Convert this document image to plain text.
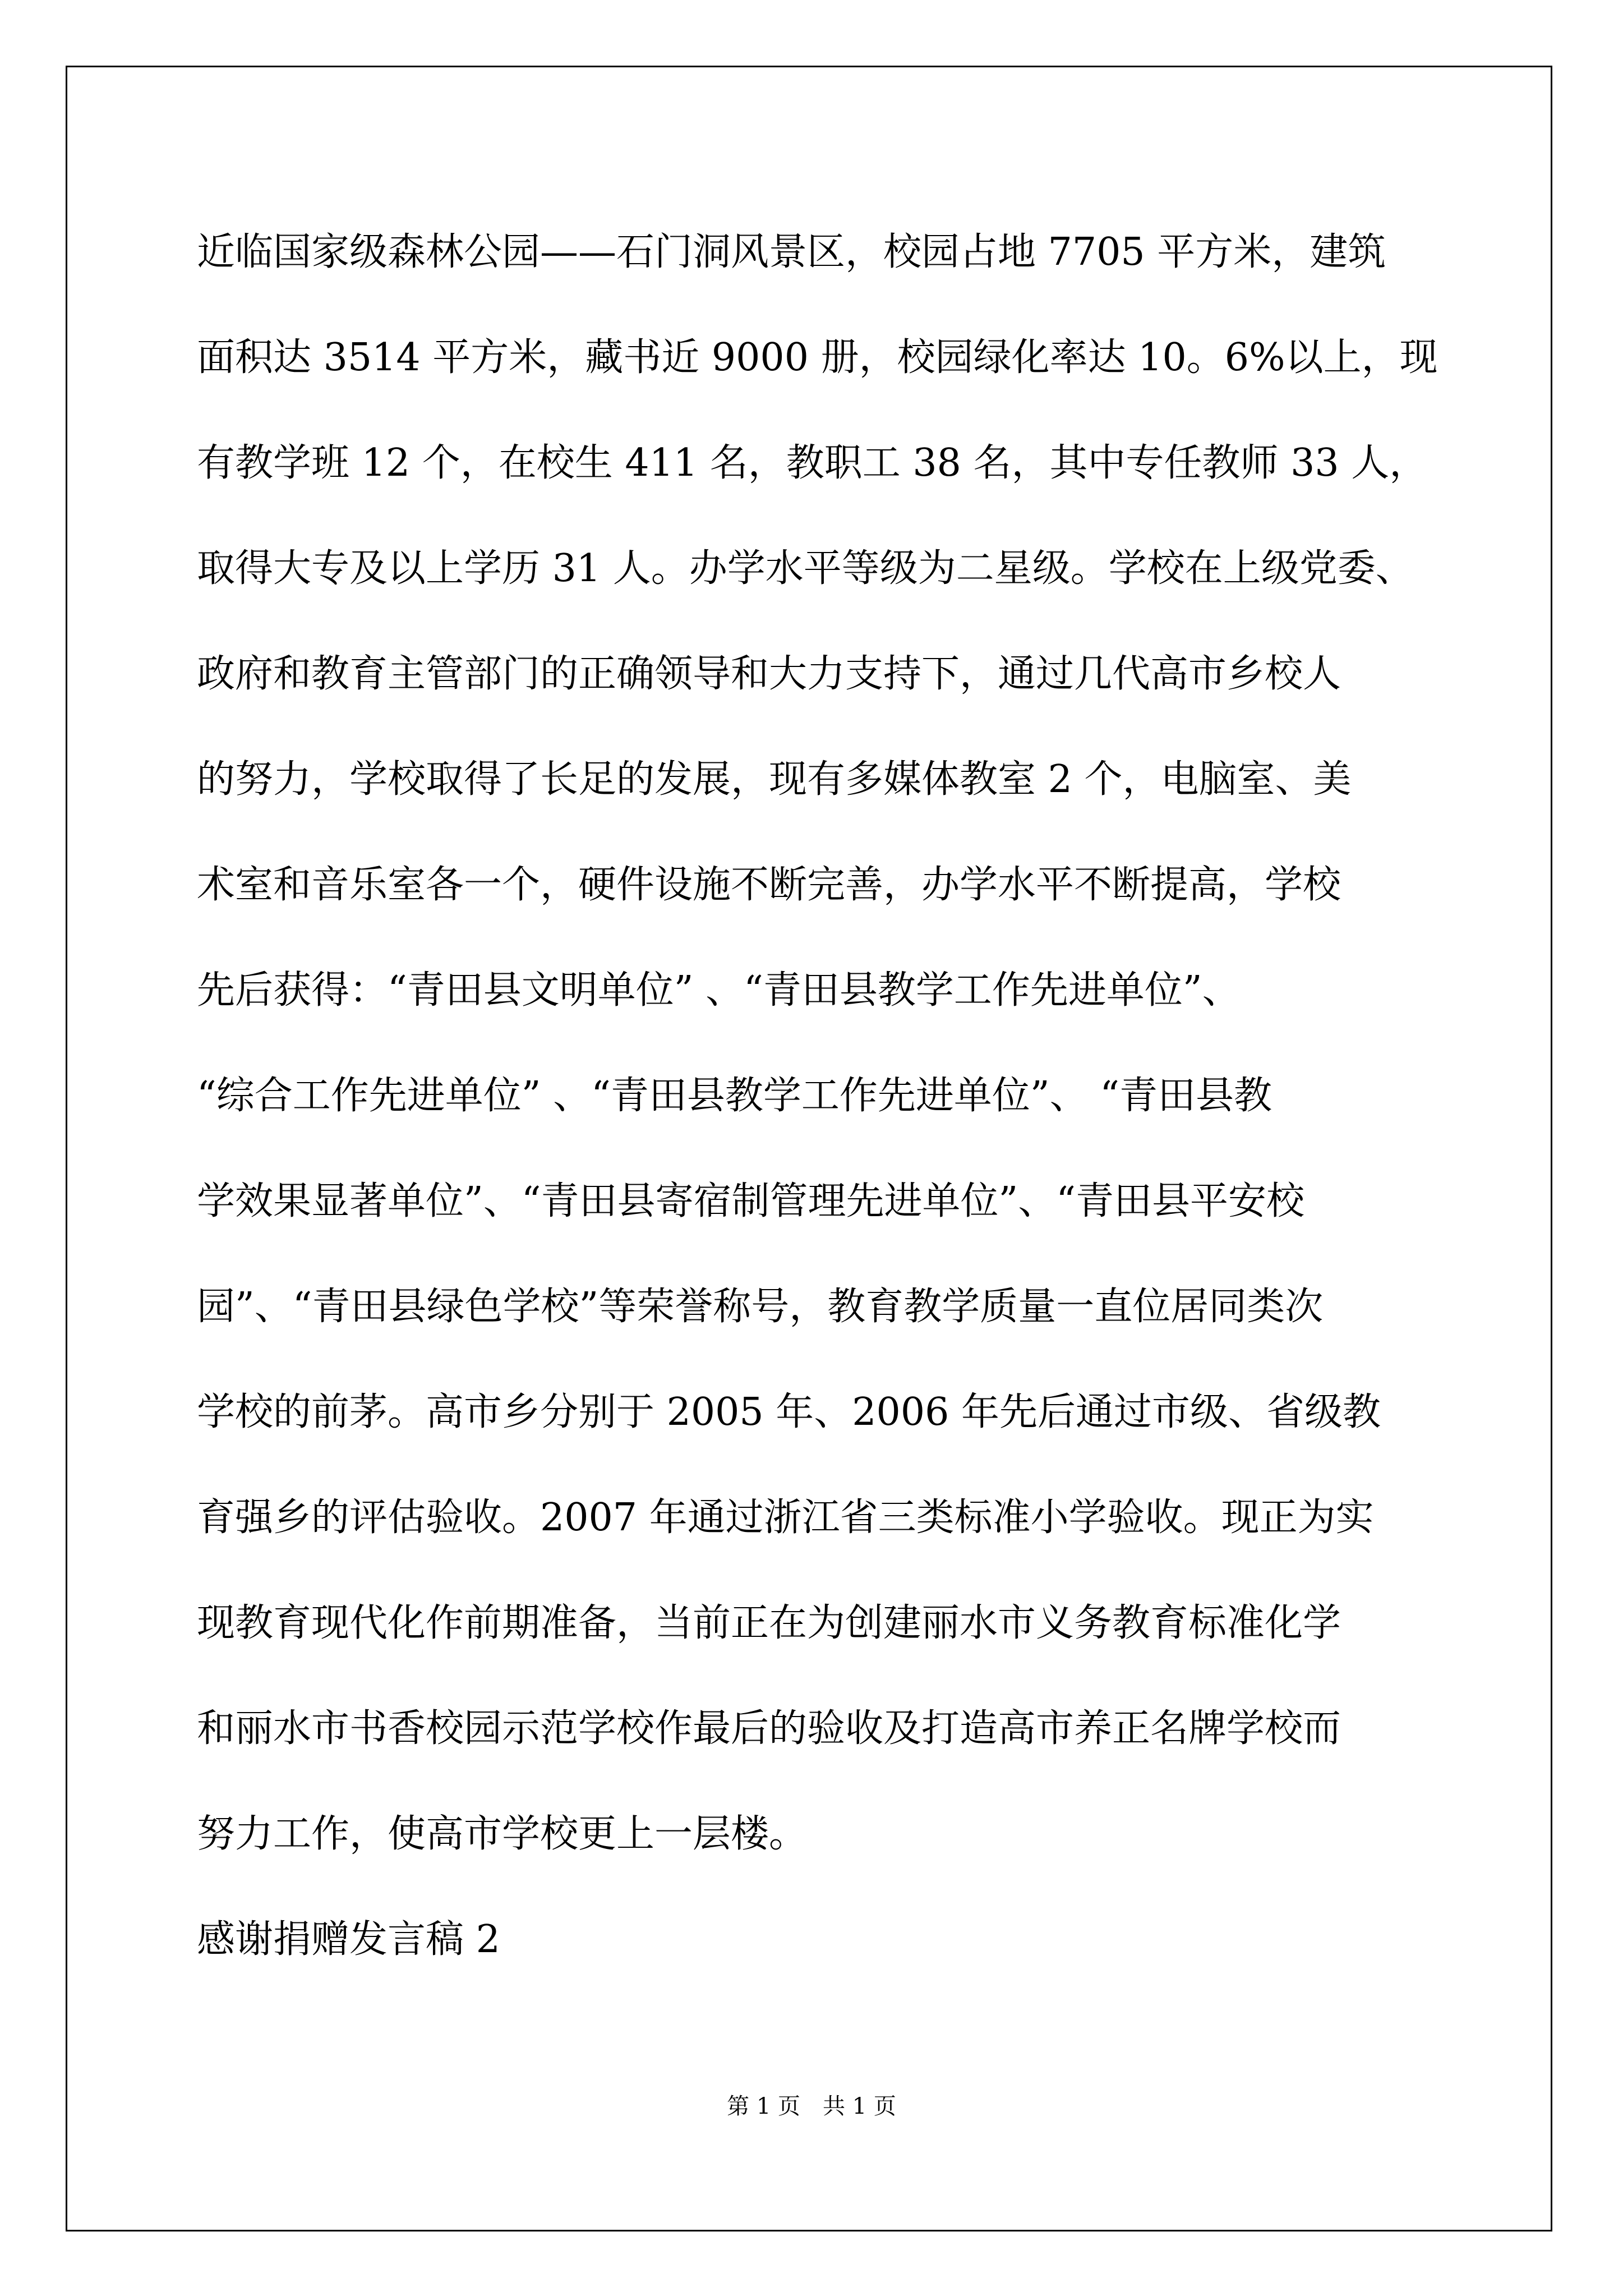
近临国家级森林公园——石门洞风景区，校园占地 7705 平方米，建筑
面积达 3514 平方米，藏书近 9000 册，校园绿化率达 10。6%以上，现
有教学班 12 个，在校生 411 名，教职工 38 名，其中专任教师 33 人，
取得大专及以上学历 31 人。办学水平等级为二星级。学校在上级党委、
政府和教育主管部门的正确领导和大力支持下，通过几代高市乡校人
的努力，学校取得了长足的发展，现有多媒体教室 2 个，电脑室、美
术室和音乐室各一个，硬件设施不断完善，办学水平不断提高，学校
先后获得：“青田县文明单位” 、“青田县教学工作先进单位”、
“综合工作先进单位” 、“青田县教学工作先进单位”、 “青田县教
学效果显著单位”、“青田县寄宿制管理先进单位”、“青田县平安校
园”、“青田县绿色学校”等荣誉称号，教育教学质量一直位居同类次
学校的前茅。高市乡分别于 2005 年、2006 年先后通过市级、省级教
育强乡的评估验收。2007 年通过浙江省三类标准小学验收。现正为实
现教育现代化作前期准备，当前正在为创建丽水市义务教育标准化学
和丽水市书香校园示范学校作最后的验收及打造高市养正名牌学校而
努力工作，使高市学校更上一层楼。
感谢捐赠发言稿 2
第 1 页　共 1 页
